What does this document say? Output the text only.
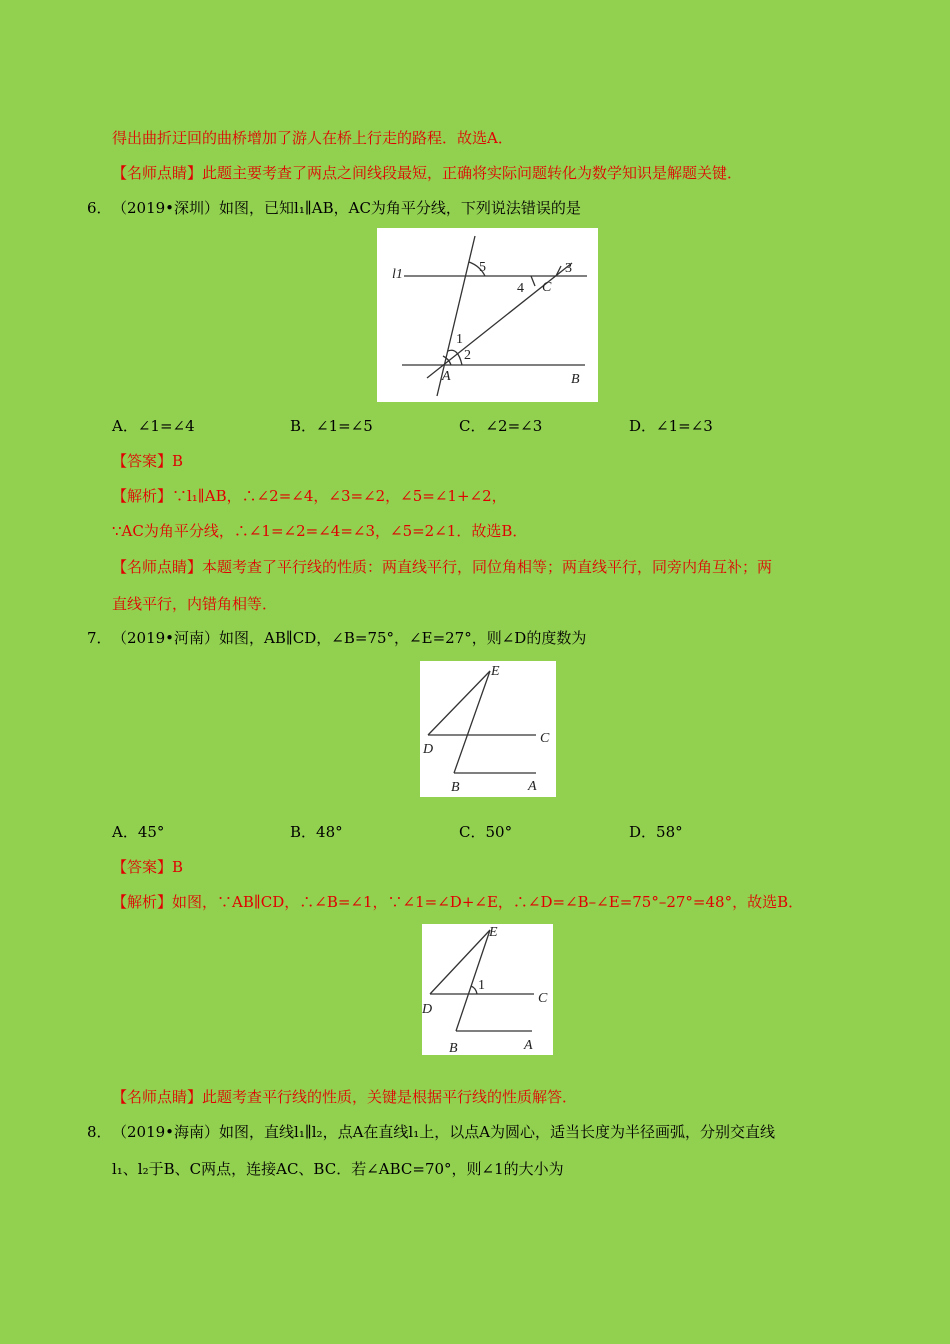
得出曲折迂回的曲桥增加了游人在桥上行走的路程．故选A．
【名师点睛】此题主要考查了两点之间线段最短，正确将实际问题转化为数学知识是解题关键．
6． （2019•深圳）如图，已知l₁∥AB，AC为角平分线，下列说法错误的是
l1	5	3
4 C
1
2
A	B
A．∠1=∠4	B．∠1=∠5	C．∠2=∠3	D．∠1=∠3
【答案】B
【解析】∵l₁∥AB，∴∠2=∠4，∠3=∠2，∠5=∠1+∠2，
∵AC为角平分线，∴∠1=∠2=∠4=∠3，∠5=2∠1．故选B．
【名师点睛】本题考查了平行线的性质：两直线平行，同位角相等；两直线平行，同旁内角互补；两
直线平行，内错角相等．
7． （2019•河南）如图，AB∥CD，∠B=75°，∠E=27°，则∠D的度数为
E
D
C
B	A
A．45°	B．48°	C．50°	D．58°
【答案】B
【解析】如图，∵AB∥CD，∴∠B=∠1，∵∠1=∠D+∠E，∴∠D=∠B–∠E=75°–27°=48°，故选B．
E
1
D
C
B	A
【名师点睛】此题考查平行线的性质，关键是根据平行线的性质解答．
8． （2019•海南）如图，直线l₁∥l₂，点A在直线l₁上，以点A为圆心，适当长度为半径画弧，分别交直线
l₁、l₂于B、C两点，连接AC、BC．若∠ABC=70°，则∠1的大小为
